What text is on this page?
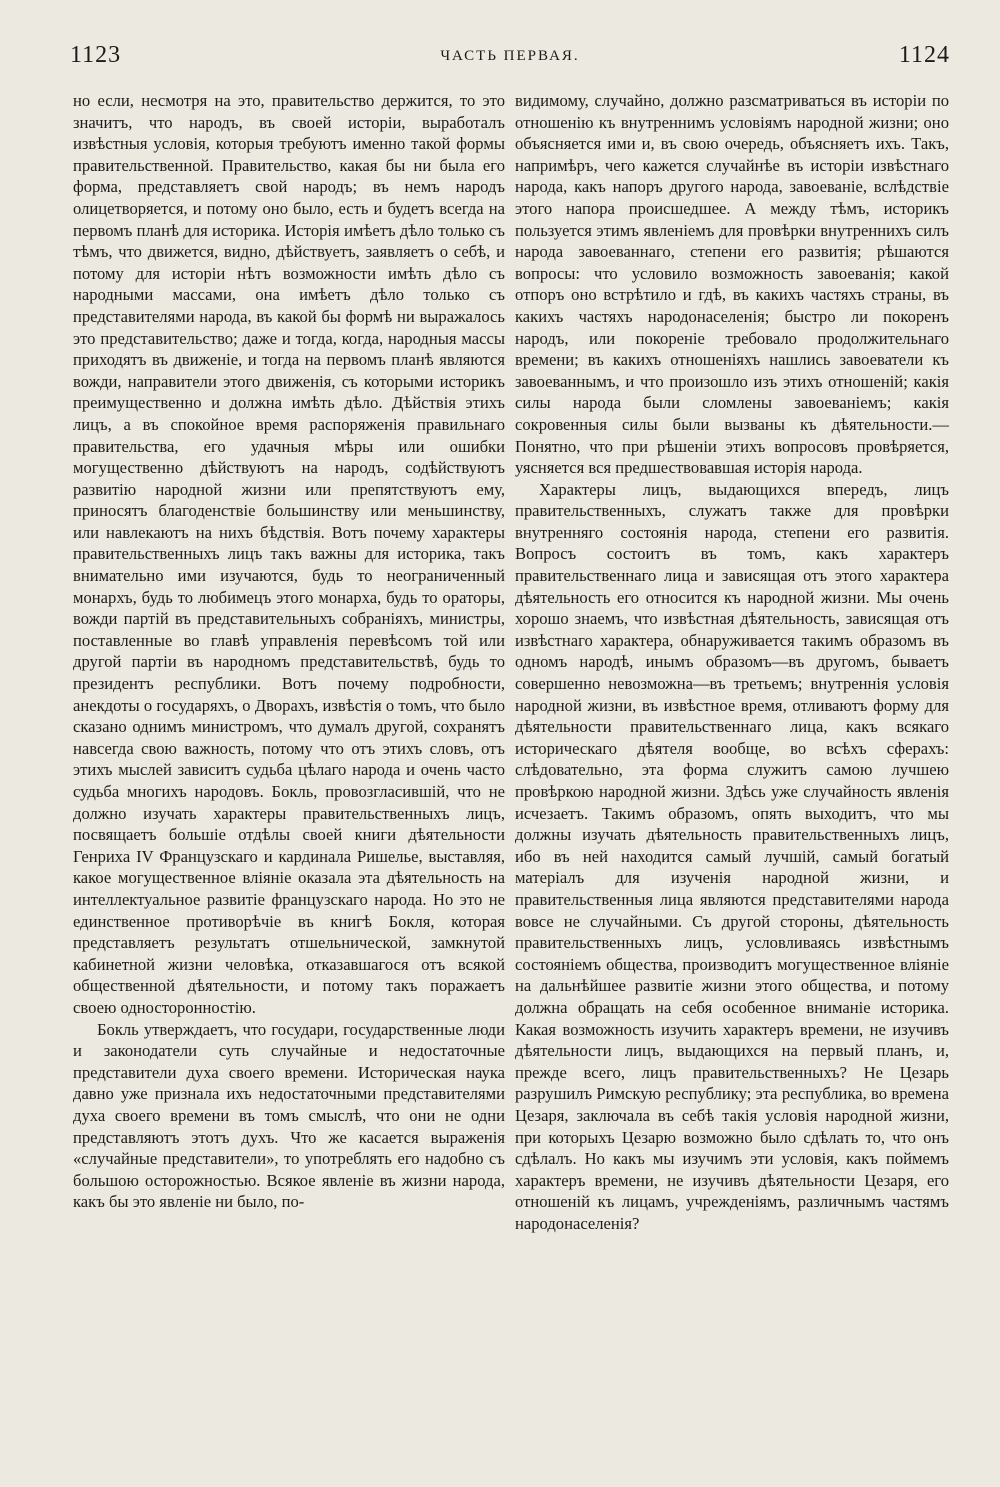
1123	ЧАСТЬ ПЕРВАЯ.	1124

но если, несмотря на это, правительство держится, то это значитъ, что народъ, въ своей исторіи, выработалъ извѣстныя условія, которыя требуютъ именно такой формы правительственной. Правительство, какая бы ни была его форма, представляетъ свой народъ; въ немъ народъ олицетворяется, и потому оно было, есть и будетъ всегда на первомъ планѣ для историка. Исторія имѣетъ дѣло только съ тѣмъ, что движется, видно, дѣйствуетъ, заявляетъ о себѣ, и потому для исторіи нѣтъ возможности имѣть дѣло съ народными массами, она имѣетъ дѣло только съ представителями народа, въ какой бы формѣ ни выражалось это представительство; даже и тогда, когда, народныя массы приходятъ въ движеніе, и тогда на первомъ планѣ являются вожди, направители этого движенія, съ которыми историкъ преимущественно и должна имѣть дѣло. Дѣйствія этихъ лицъ, а въ спокойное время распоряженія правильнаго правительства, его удачныя мѣры или ошибки могущественно дѣйствуютъ на народъ, содѣйствуютъ развитію народной жизни или препятствуютъ ему, приносятъ благоденствіе большинству или меньшинству, или навлекаютъ на нихъ бѣдствія. Вотъ почему характеры правительственныхъ лицъ такъ важны для историка, такъ внимательно ими изучаются, будь то неограниченный монархъ, будь то любимецъ этого монарха, будь то ораторы, вожди партій въ представительныхъ собраніяхъ, министры, поставленные во главѣ управленія перевѣсомъ той или другой партіи въ народномъ представительствѣ, будь то президентъ республики. Вотъ почему подробности, анекдоты о государяхъ, о Дворахъ, извѣстія о томъ, что было сказано однимъ министромъ, что думалъ другой, сохранятъ навсегда свою важность, потому что отъ этихъ словъ, отъ этихъ мыслей зависитъ судьба цѣлаго народа и очень часто судьба многихъ народовъ. Бокль, провозгласившій, что не должно изучать характеры правительственныхъ лицъ, посвящаетъ большіе отдѣлы своей книги дѣятельности Генриха IV Французскаго и кардинала Ришелье, выставляя, какое могущественное вліяніе оказала эта дѣятельность на интеллектуальное развитіе французскаго народа. Но это не единственное противорѣчіе въ книгѣ Бокля, которая представляетъ результатъ отшельнической, замкнутой кабинетной жизни человѣка, отказавшагося отъ всякой общественной дѣятельности, и потому такъ поражаетъ своею односторонностію.

Бокль утверждаетъ, что государи, государственные люди и законодатели суть случайные и недостаточные представители духа своего времени. Историческая наука давно уже признала ихъ недостаточными представителями духа своего времени въ томъ смыслѣ, что они не одни представляютъ этотъ духъ. Что же касается выраженія «случайные представители», то употреблять его надобно съ большою осторожностью. Всякое явленіе въ жизни народа, какъ бы это явленіе ни было, по-

видимому, случайно, должно разсматриваться въ исторіи по отношенію къ внутреннимъ условіямъ народной жизни; оно объясняется ими и, въ свою очередь, объясняетъ ихъ. Такъ, напримѣръ, чего кажется случайнѣе въ исторіи извѣстнаго народа, какъ напоръ другого народа, завоеваніе, вслѣдствіе этого напора происшедшее. А между тѣмъ, историкъ пользуется этимъ явленіемъ для провѣрки внутреннихъ силъ народа завоеваннаго, степени его развитія; рѣшаются вопросы: что условило возможность завоеванія; какой отпоръ оно встрѣтило и гдѣ, въ какихъ частяхъ страны, въ какихъ частяхъ народонаселенія; быстро ли покоренъ народъ, или покореніе требовало продолжительнаго времени; въ какихъ отношеніяхъ нашлись завоеватели къ завоеваннымъ, и что произошло изъ этихъ отношеній; какія силы народа были сломлены завоеваніемъ; какія сокровенныя силы были вызваны къ дѣятельности.— Понятно, что при рѣшеніи этихъ вопросовъ провѣряется, уясняется вся предшествовавшая исторія народа.

Характеры лицъ, выдающихся впередъ, лицъ правительственныхъ, служатъ также для провѣрки внутренняго состоянія народа, степени его развитія. Вопросъ состоитъ въ томъ, какъ характеръ правительственнаго лица и зависящая отъ этого характера дѣятельность его относится къ народной жизни. Мы очень хорошо знаемъ, что извѣстная дѣятельность, зависящая отъ извѣстнаго характера, обнаруживается такимъ образомъ въ одномъ народѣ, инымъ образомъ—въ другомъ, бываетъ совершенно невозможна—въ третьемъ; внутреннія условія народной жизни, въ извѣстное время, отливаютъ форму для дѣятельности правительственнаго лица, какъ всякаго историческаго дѣятеля вообще, во всѣхъ сферахъ: слѣдовательно, эта форма служитъ самою лучшею провѣркою народной жизни. Здѣсь уже случайность явленія исчезаетъ. Такимъ образомъ, опять выходитъ, что мы должны изучать дѣятельность правительственныхъ лицъ, ибо въ ней находится самый лучшій, самый богатый матеріалъ для изученія народной жизни, и правительственныя лица являются представителями народа вовсе не случайными. Съ другой стороны, дѣятельность правительственныхъ лицъ, условливаясь извѣстнымъ состояніемъ общества, производитъ могущественное вліяніе на дальнѣйшее развитіе жизни этого общества, и потому должна обращать на себя особенное вниманіе историка. Какая возможность изучить характеръ времени, не изучивъ дѣятельности лицъ, выдающихся на первый планъ, и, прежде всего, лицъ правительственныхъ? Не Цезарь разрушилъ Римскую республику; эта республика, во времена Цезаря, заключала въ себѣ такія условія народной жизни, при которыхъ Цезарю возможно было сдѣлать то, что онъ сдѣлалъ. Но какъ мы изучимъ эти условія, какъ поймемъ характеръ времени, не изучивъ дѣятельности Цезаря, его отношеній къ лицамъ, учрежденіямъ, различнымъ частямъ народонаселенія?
